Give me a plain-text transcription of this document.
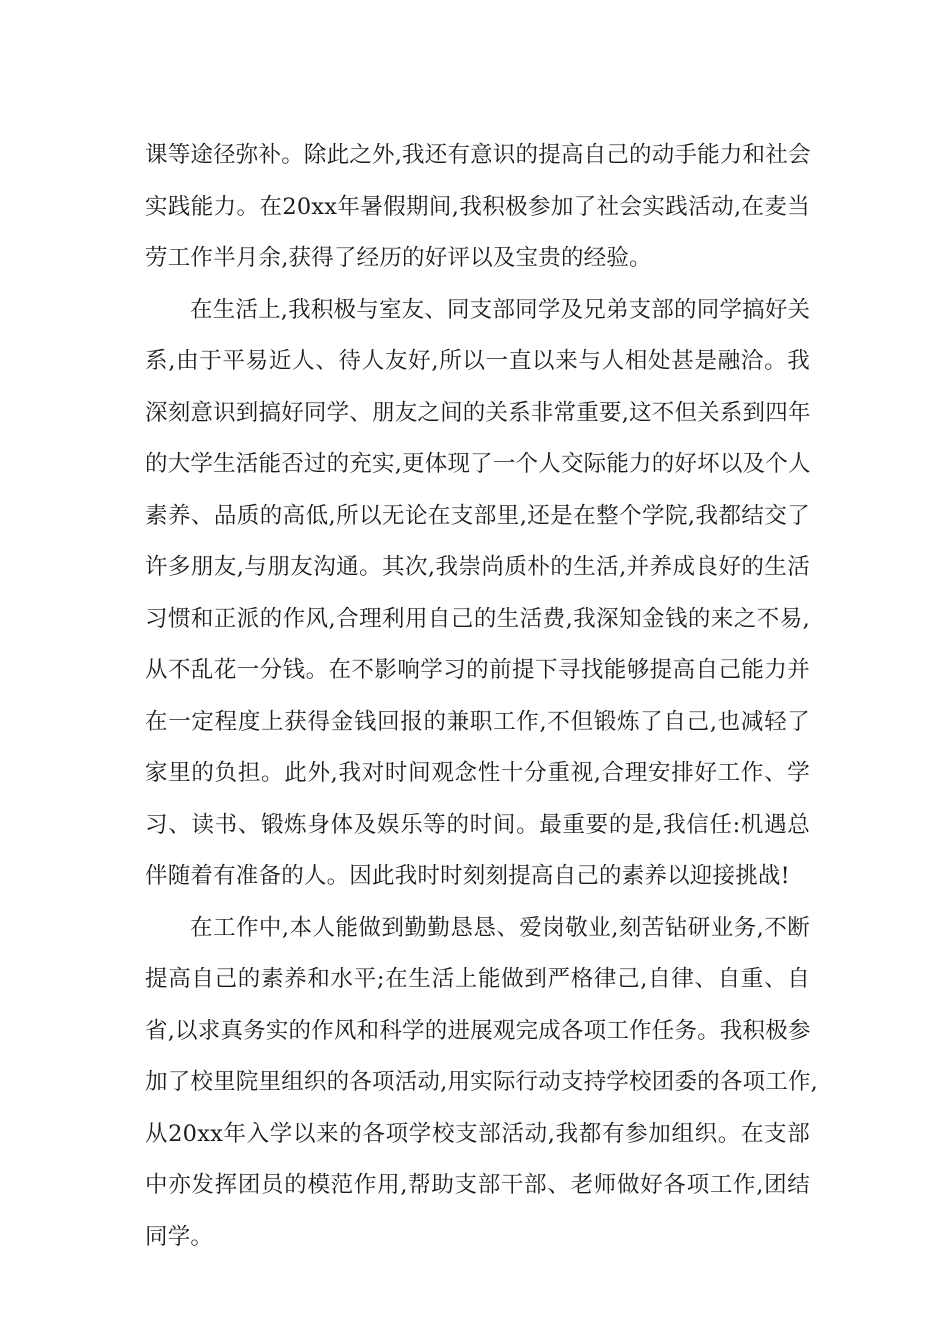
课等途径弥补。除此之外,我还有意识的提高自己的动手能力和社会
实践能力。在20xx年暑假期间,我积极参加了社会实践活动,在麦当
劳工作半月余,获得了经历的好评以及宝贵的经验。
在生活上,我积极与室友、同支部同学及兄弟支部的同学搞好关
系,由于平易近人、待人友好,所以一直以来与人相处甚是融洽。我
深刻意识到搞好同学、朋友之间的关系非常重要,这不但关系到四年
的大学生活能否过的充实,更体现了一个人交际能力的好坏以及个人
素养、品质的高低,所以无论在支部里,还是在整个学院,我都结交了
许多朋友,与朋友沟通。其次,我崇尚质朴的生活,并养成良好的生活
习惯和正派的作风,合理利用自己的生活费,我深知金钱的来之不易,
从不乱花一分钱。在不影响学习的前提下寻找能够提高自己能力并
在一定程度上获得金钱回报的兼职工作,不但锻炼了自己,也减轻了
家里的负担。此外,我对时间观念性十分重视,合理安排好工作、学
习、读书、锻炼身体及娱乐等的时间。最重要的是,我信任:机遇总
伴随着有准备的人。因此我时时刻刻提高自己的素养以迎接挑战!
在工作中,本人能做到勤勤恳恳、爱岗敬业,刻苦钻研业务,不断
提高自己的素养和水平;在生活上能做到严格律己,自律、自重、自
省,以求真务实的作风和科学的进展观完成各项工作任务。我积极参
加了校里院里组织的各项活动,用实际行动支持学校团委的各项工作,
从20xx年入学以来的各项学校支部活动,我都有参加组织。在支部
中亦发挥团员的模范作用,帮助支部干部、老师做好各项工作,团结
同学。
